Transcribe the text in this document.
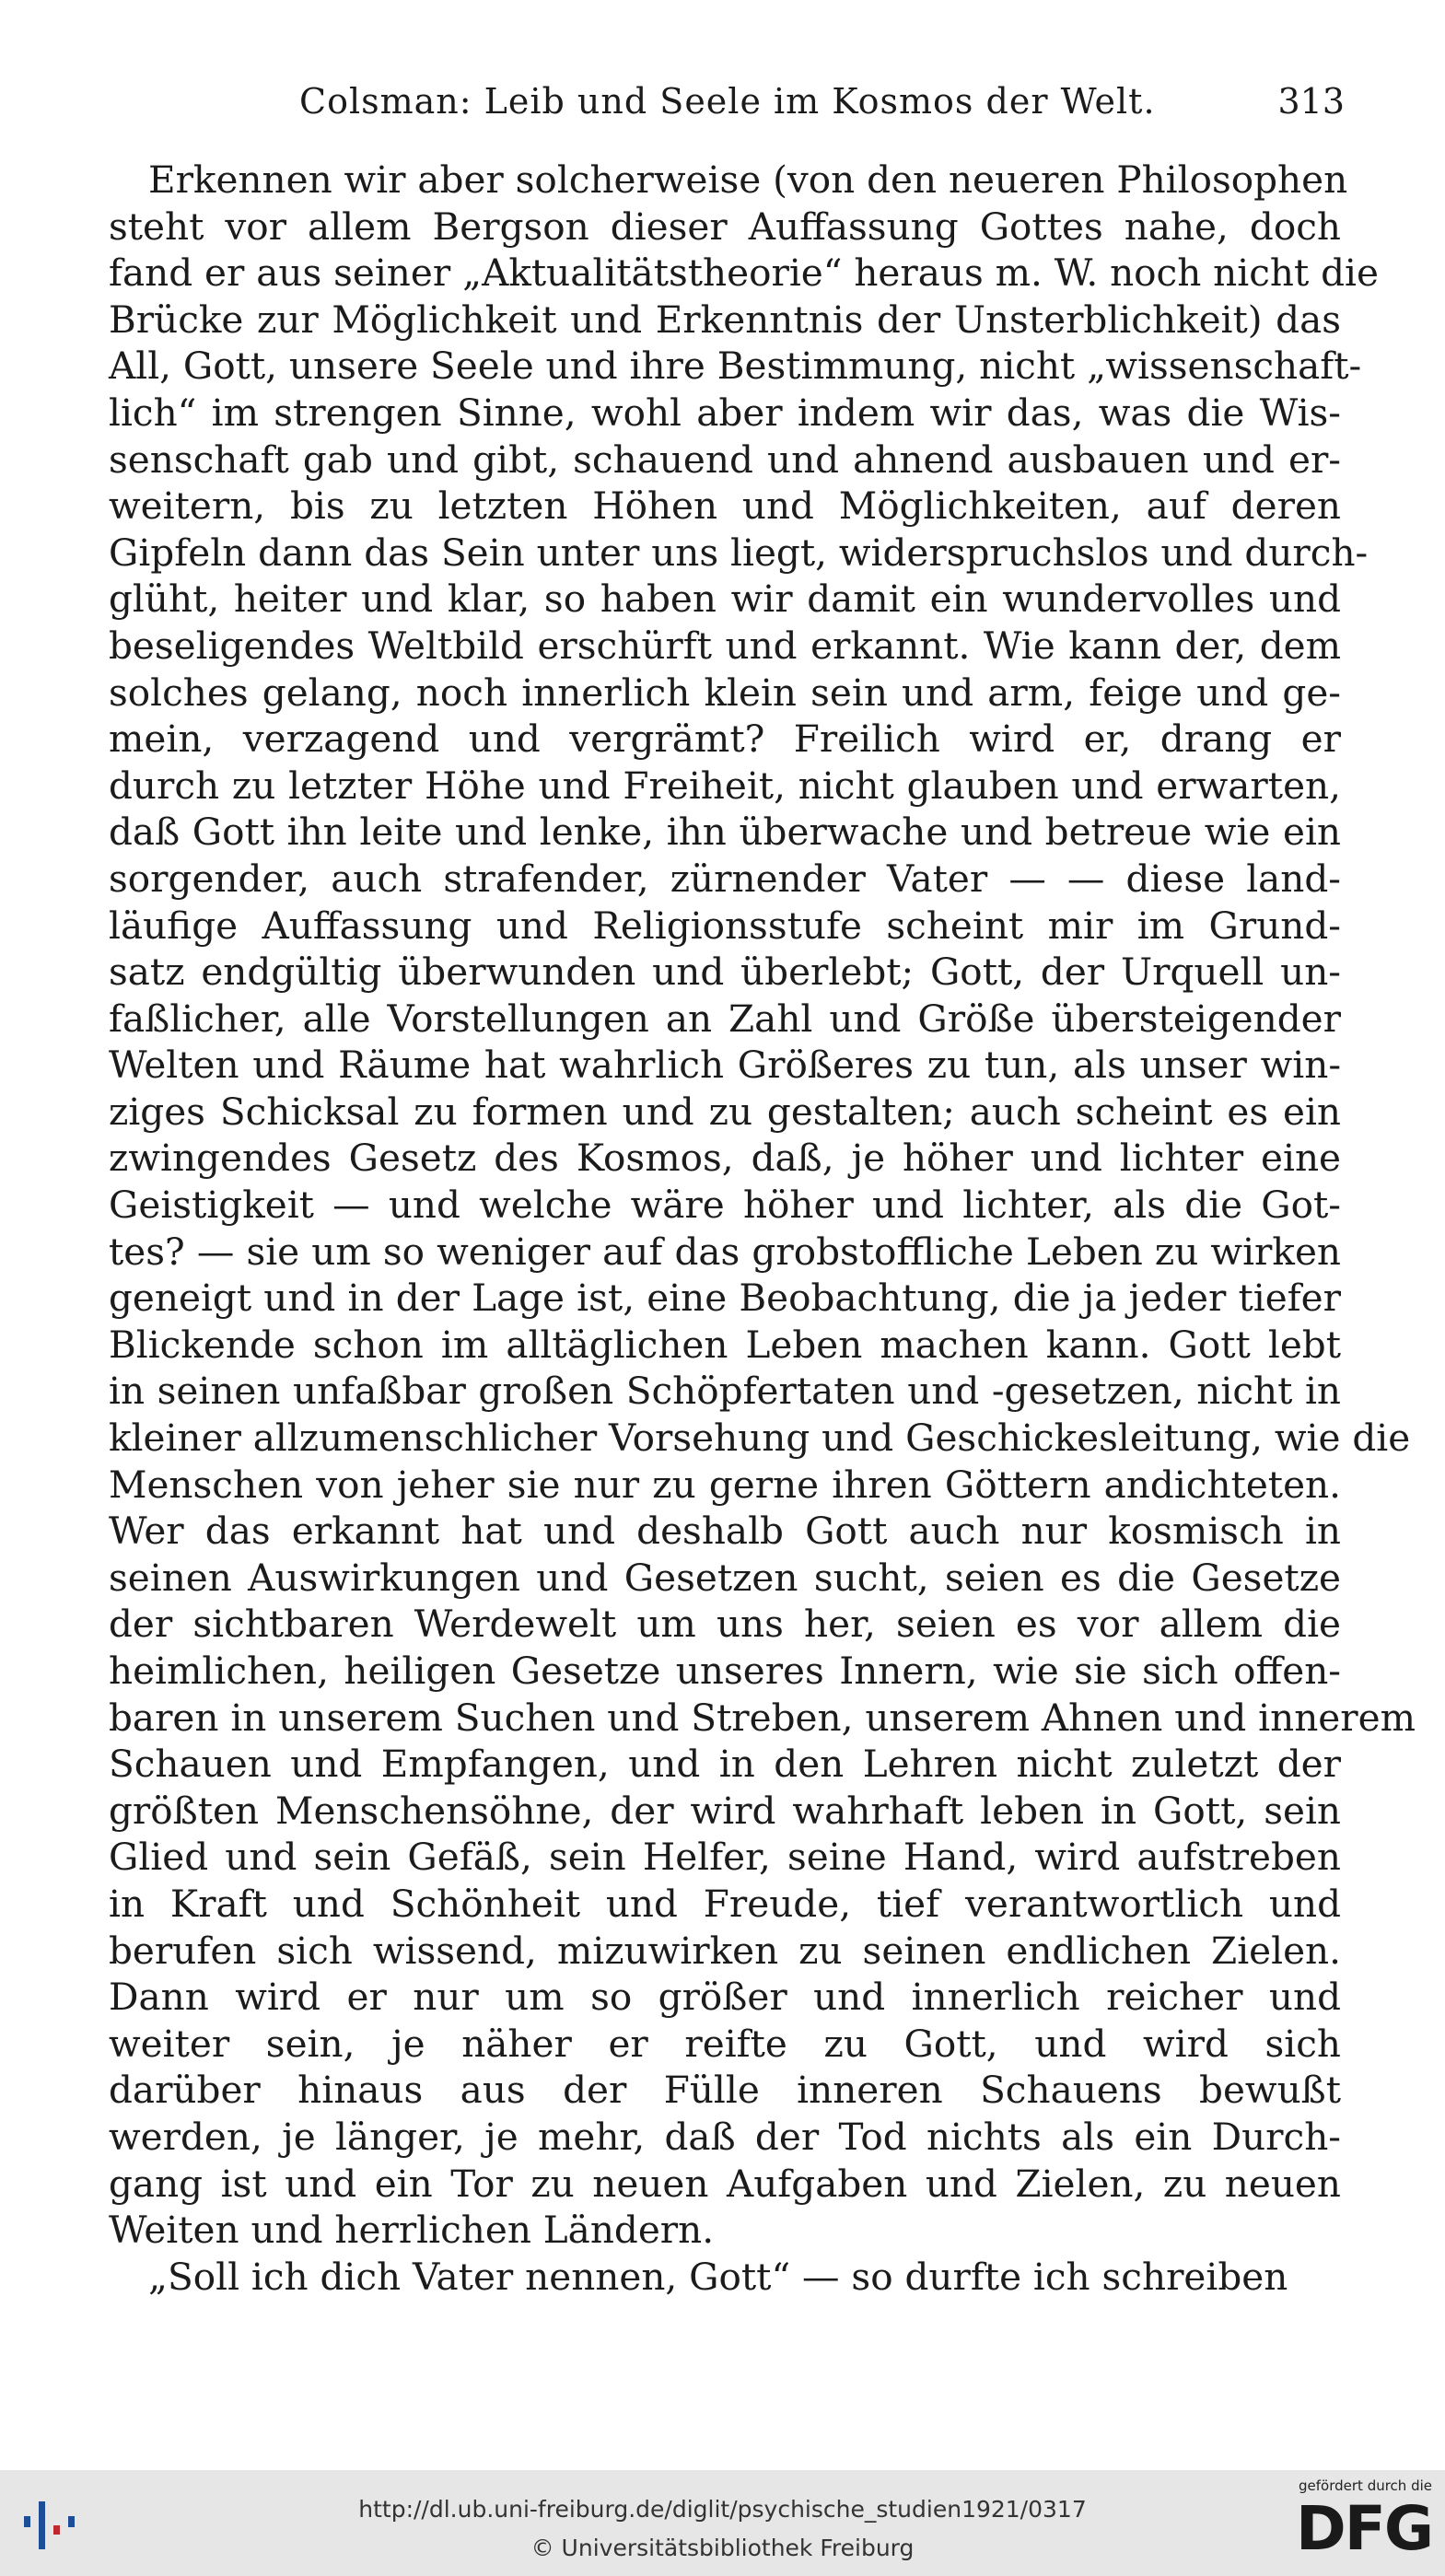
Colsman: Leib und Seele im Kosmos der Welt.	313

Erkennen wir aber solcherweise (von den neueren Philosophen
steht vor allem Bergson dieser Auffassung Gottes nahe, doch
fand er aus seiner „Aktualitätstheorie“ heraus m. W. noch nicht die
Brücke zur Möglichkeit und Erkenntnis der Unsterblichkeit) das
All, Gott, unsere Seele und ihre Bestimmung, nicht „wissenschaft-
lich“ im strengen Sinne, wohl aber indem wir das, was die Wis-
senschaft gab und gibt, schauend und ahnend ausbauen und er-
weitern, bis zu letzten Höhen und Möglichkeiten, auf deren
Gipfeln dann das Sein unter uns liegt, widerspruchslos und durch-
glüht, heiter und klar, so haben wir damit ein wundervolles und
beseligendes Weltbild erschürft und erkannt. Wie kann der, dem
solches gelang, noch innerlich klein sein und arm, feige und ge-
mein, verzagend und vergrämt? Freilich wird er, drang er
durch zu letzter Höhe und Freiheit, nicht glauben und erwarten,
daß Gott ihn leite und lenke, ihn überwache und betreue wie ein
sorgender, auch strafender, zürnender Vater — — diese land-
läufige Auffassung und Religionsstufe scheint mir im Grund-
satz endgültig überwunden und überlebt; Gott, der Urquell un-
faßlicher, alle Vorstellungen an Zahl und Größe übersteigender
Welten und Räume hat wahrlich Größeres zu tun, als unser win-
ziges Schicksal zu formen und zu gestalten; auch scheint es ein
zwingendes Gesetz des Kosmos, daß, je höher und lichter eine
Geistigkeit — und welche wäre höher und lichter, als die Got-
tes? — sie um so weniger auf das grobstoffliche Leben zu wirken
geneigt und in der Lage ist, eine Beobachtung, die ja jeder tiefer
Blickende schon im alltäglichen Leben machen kann. Gott lebt
in seinen unfaßbar großen Schöpfertaten und -gesetzen, nicht in
kleiner allzumenschlicher Vorsehung und Geschickesleitung, wie die
Menschen von jeher sie nur zu gerne ihren Göttern andichteten.
Wer das erkannt hat und deshalb Gott auch nur kosmisch in
seinen Auswirkungen und Gesetzen sucht, seien es die Gesetze
der sichtbaren Werdewelt um uns her, seien es vor allem die
heimlichen, heiligen Gesetze unseres Innern, wie sie sich offen-
baren in unserem Suchen und Streben, unserem Ahnen und innerem
Schauen und Empfangen, und in den Lehren nicht zuletzt der
größten Menschensöhne, der wird wahrhaft leben in Gott, sein
Glied und sein Gefäß, sein Helfer, seine Hand, wird aufstreben
in Kraft und Schönheit und Freude, tief verantwortlich und
berufen sich wissend, mizuwirken zu seinen endlichen Zielen.
Dann wird er nur um so größer und innerlich reicher und
weiter sein, je näher er reifte zu Gott, und wird sich
darüber hinaus aus der Fülle inneren Schauens bewußt
werden, je länger, je mehr, daß der Tod nichts als ein Durch-
gang ist und ein Tor zu neuen Aufgaben und Zielen, zu neuen
Weiten und herrlichen Ländern.

„Soll ich dich Vater nennen, Gott“ — so durfte ich schreiben

http://dl.ub.uni-freiburg.de/diglit/psychische_studien1921/0317
© Universitätsbibliothek Freiburg
gefördert durch die
DFG
